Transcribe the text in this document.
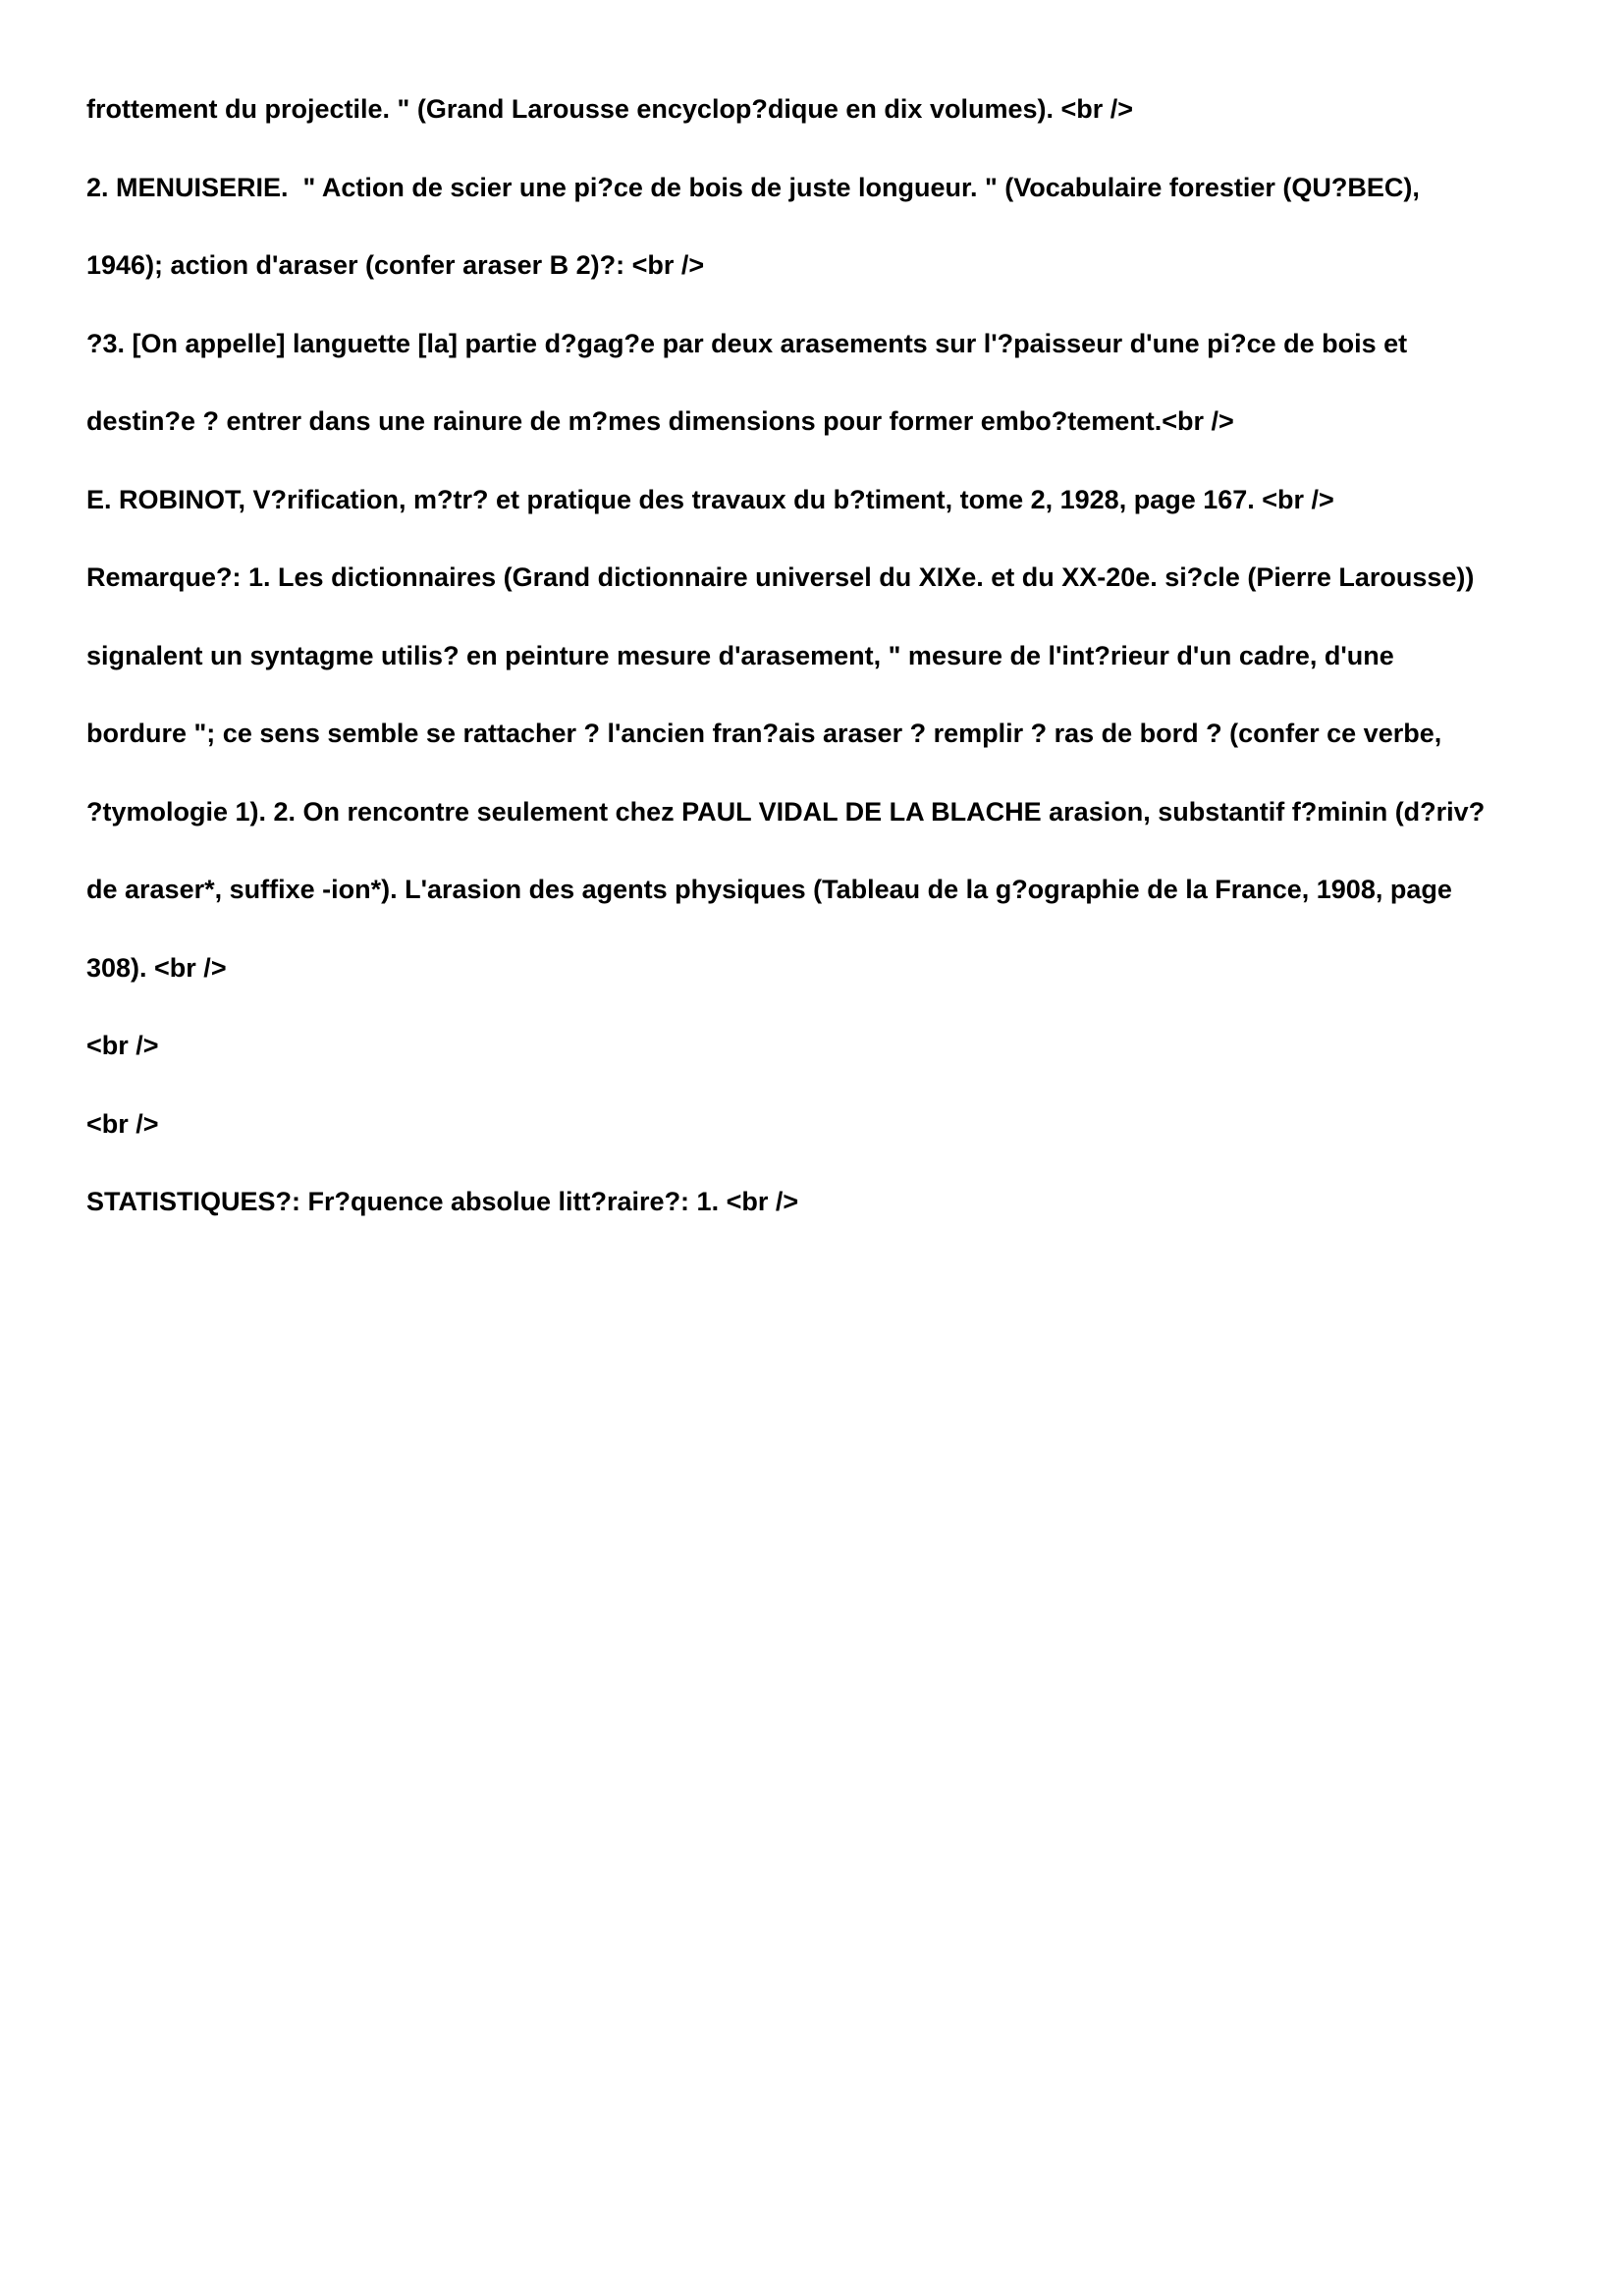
frottement du projectile. " (Grand Larousse encyclop?dique en dix volumes). <br />
2. MENUISERIE.  " Action de scier une pi?ce de bois de juste longueur. " (Vocabulaire forestier (QU?BEC),
1946); action d'araser (confer araser B 2)?: <br />
?3. [On appelle] languette [la] partie d?gag?e par deux arasements sur l'?paisseur d'une pi?ce de bois et
destin?e ? entrer dans une rainure de m?mes dimensions pour former embo?tement.<br />
E. ROBINOT, V?rification, m?tr? et pratique des travaux du b?timent, tome 2, 1928, page 167. <br />
Remarque?: 1. Les dictionnaires (Grand dictionnaire universel du XIXe. et du XX-20e. si?cle (Pierre Larousse))
signalent un syntagme utilis? en peinture mesure d'arasement, " mesure de l'int?rieur d'un cadre, d'une
bordure "; ce sens semble se rattacher ? l'ancien fran?ais araser ? remplir ? ras de bord ? (confer ce verbe,
?tymologie 1). 2. On rencontre seulement chez PAUL VIDAL DE LA BLACHE arasion, substantif f?minin (d?riv?
de araser*, suffixe -ion*). L'arasion des agents physiques (Tableau de la g?ographie de la France, 1908, page
308). <br />
<br />
<br />
STATISTIQUES?: Fr?quence absolue litt?raire?: 1. <br />
